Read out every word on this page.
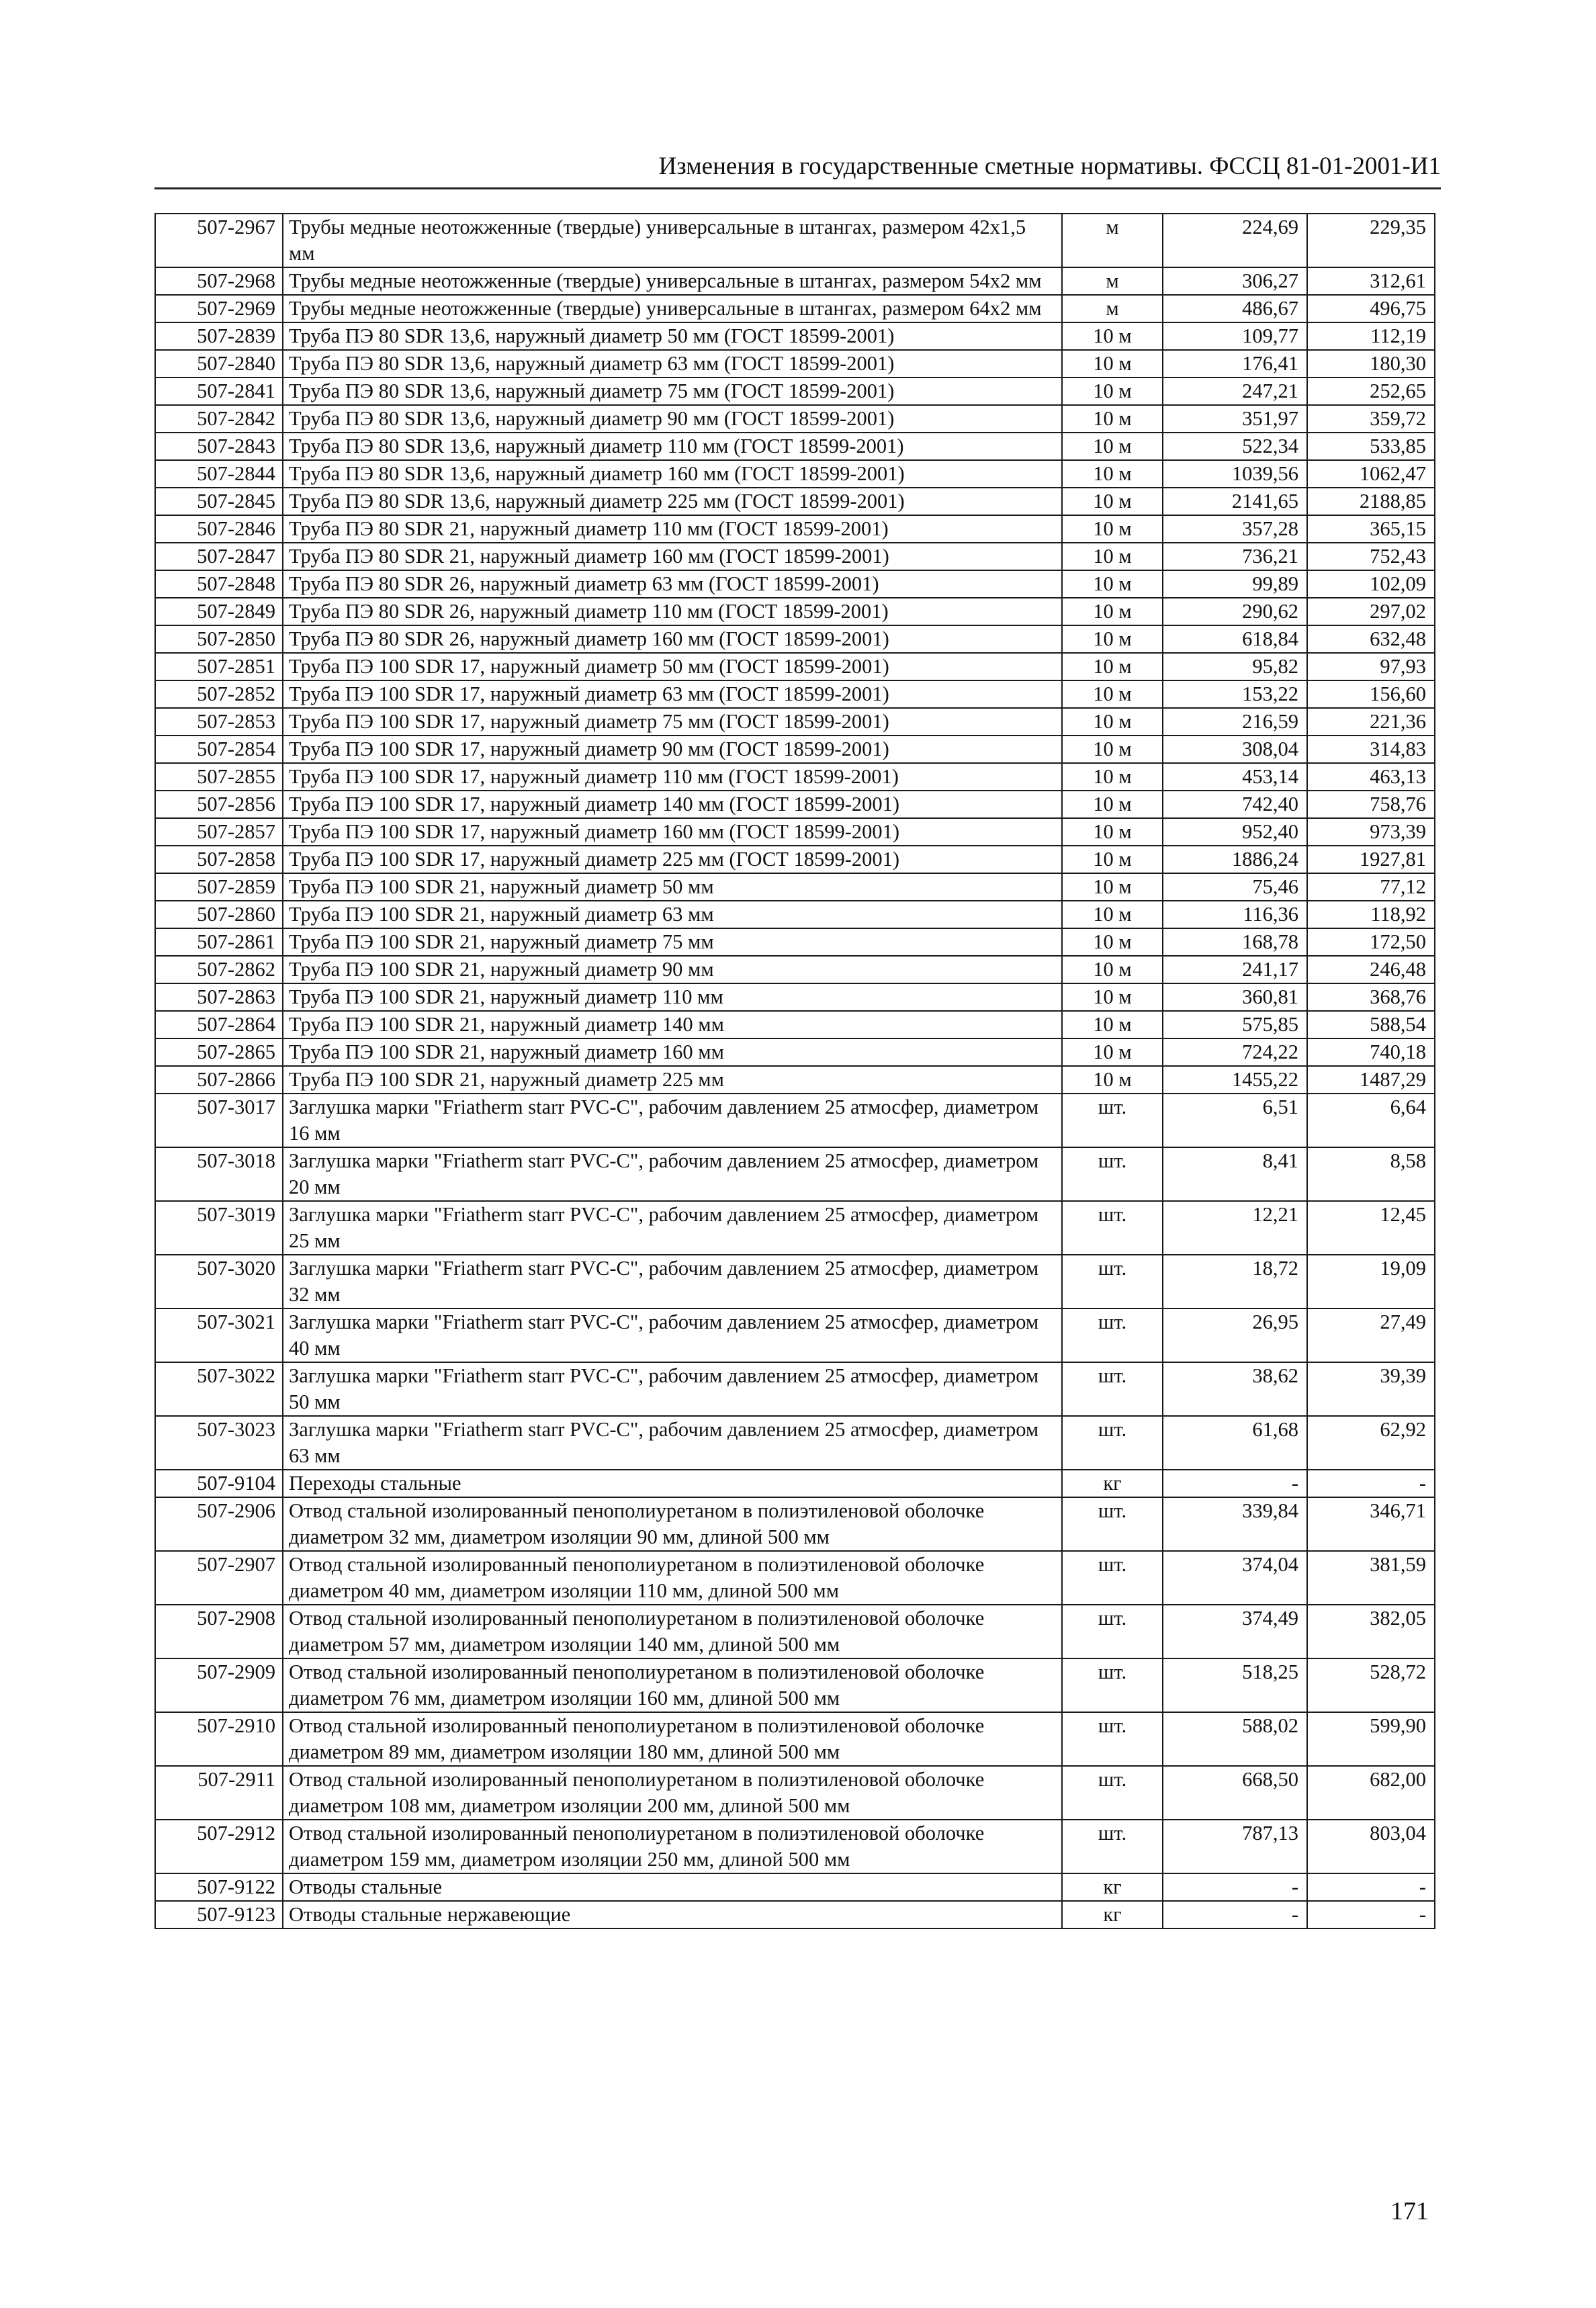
Изменения в государственные сметные нормативы. ФССЦ 81-01-2001-И1
507-2967	Трубы медные неотожженные (твердые) универсальные в штангах, размером 42х1,5 мм	м	224,69	229,35
507-2968	Трубы медные неотожженные (твердые) универсальные в штангах, размером 54х2 мм	м	306,27	312,61
507-2969	Трубы медные неотожженные (твердые) универсальные в штангах, размером 64х2 мм	м	486,67	496,75
507-2839	Труба ПЭ 80 SDR 13,6, наружный диаметр 50 мм (ГОСТ 18599-2001)	10 м	109,77	112,19
507-2840	Труба ПЭ 80 SDR 13,6, наружный диаметр 63 мм (ГОСТ 18599-2001)	10 м	176,41	180,30
507-2841	Труба ПЭ 80 SDR 13,6, наружный диаметр 75 мм (ГОСТ 18599-2001)	10 м	247,21	252,65
507-2842	Труба ПЭ 80 SDR 13,6, наружный диаметр 90 мм (ГОСТ 18599-2001)	10 м	351,97	359,72
507-2843	Труба ПЭ 80 SDR 13,6, наружный диаметр 110 мм (ГОСТ 18599-2001)	10 м	522,34	533,85
507-2844	Труба ПЭ 80 SDR 13,6, наружный диаметр 160 мм (ГОСТ 18599-2001)	10 м	1039,56	1062,47
507-2845	Труба ПЭ 80 SDR 13,6, наружный диаметр 225 мм (ГОСТ 18599-2001)	10 м	2141,65	2188,85
507-2846	Труба ПЭ 80 SDR 21, наружный диаметр 110 мм (ГОСТ 18599-2001)	10 м	357,28	365,15
507-2847	Труба ПЭ 80 SDR 21, наружный диаметр 160 мм (ГОСТ 18599-2001)	10 м	736,21	752,43
507-2848	Труба ПЭ 80 SDR 26, наружный диаметр 63 мм (ГОСТ 18599-2001)	10 м	99,89	102,09
507-2849	Труба ПЭ 80 SDR 26, наружный диаметр 110 мм (ГОСТ 18599-2001)	10 м	290,62	297,02
507-2850	Труба ПЭ 80 SDR 26, наружный диаметр 160 мм (ГОСТ 18599-2001)	10 м	618,84	632,48
507-2851	Труба ПЭ 100 SDR 17, наружный диаметр 50 мм (ГОСТ 18599-2001)	10 м	95,82	97,93
507-2852	Труба ПЭ 100 SDR 17, наружный диаметр 63 мм (ГОСТ 18599-2001)	10 м	153,22	156,60
507-2853	Труба ПЭ 100 SDR 17, наружный диаметр 75 мм (ГОСТ 18599-2001)	10 м	216,59	221,36
507-2854	Труба ПЭ 100 SDR 17, наружный диаметр 90 мм (ГОСТ 18599-2001)	10 м	308,04	314,83
507-2855	Труба ПЭ 100 SDR 17, наружный диаметр 110 мм (ГОСТ 18599-2001)	10 м	453,14	463,13
507-2856	Труба ПЭ 100 SDR 17, наружный диаметр 140 мм (ГОСТ 18599-2001)	10 м	742,40	758,76
507-2857	Труба ПЭ 100 SDR 17, наружный диаметр 160 мм (ГОСТ 18599-2001)	10 м	952,40	973,39
507-2858	Труба ПЭ 100 SDR 17, наружный диаметр 225 мм (ГОСТ 18599-2001)	10 м	1886,24	1927,81
507-2859	Труба ПЭ 100 SDR 21, наружный диаметр 50 мм	10 м	75,46	77,12
507-2860	Труба ПЭ 100 SDR 21, наружный диаметр 63 мм	10 м	116,36	118,92
507-2861	Труба ПЭ 100 SDR 21, наружный диаметр 75 мм	10 м	168,78	172,50
507-2862	Труба ПЭ 100 SDR 21, наружный диаметр 90 мм	10 м	241,17	246,48
507-2863	Труба ПЭ 100 SDR 21, наружный диаметр 110 мм	10 м	360,81	368,76
507-2864	Труба ПЭ 100 SDR 21, наружный диаметр 140 мм	10 м	575,85	588,54
507-2865	Труба ПЭ 100 SDR 21, наружный диаметр 160 мм	10 м	724,22	740,18
507-2866	Труба ПЭ 100 SDR 21, наружный диаметр 225 мм	10 м	1455,22	1487,29
507-3017	Заглушка марки "Friatherm starr PVC-C", рабочим давлением 25 атмосфер, диаметром 16 мм	шт.	6,51	6,64
507-3018	Заглушка марки "Friatherm starr PVC-C", рабочим давлением 25 атмосфер, диаметром 20 мм	шт.	8,41	8,58
507-3019	Заглушка марки "Friatherm starr PVC-C", рабочим давлением 25 атмосфер, диаметром 25 мм	шт.	12,21	12,45
507-3020	Заглушка марки "Friatherm starr PVC-C", рабочим давлением 25 атмосфер, диаметром 32 мм	шт.	18,72	19,09
507-3021	Заглушка марки "Friatherm starr PVC-C", рабочим давлением 25 атмосфер, диаметром 40 мм	шт.	26,95	27,49
507-3022	Заглушка марки "Friatherm starr PVC-C", рабочим давлением 25 атмосфер, диаметром 50 мм	шт.	38,62	39,39
507-3023	Заглушка марки "Friatherm starr PVC-C", рабочим давлением 25 атмосфер, диаметром 63 мм	шт.	61,68	62,92
507-9104	Переходы стальные	кг	-	-
507-2906	Отвод стальной изолированный пенополиуретаном в полиэтиленовой оболочке диаметром 32 мм, диаметром изоляции 90 мм, длиной 500 мм	шт.	339,84	346,71
507-2907	Отвод стальной изолированный пенополиуретаном в полиэтиленовой оболочке диаметром 40 мм, диаметром изоляции 110 мм, длиной 500 мм	шт.	374,04	381,59
507-2908	Отвод стальной изолированный пенополиуретаном в полиэтиленовой оболочке диаметром 57 мм, диаметром изоляции 140 мм, длиной 500 мм	шт.	374,49	382,05
507-2909	Отвод стальной изолированный пенополиуретаном в полиэтиленовой оболочке диаметром 76 мм, диаметром изоляции 160 мм, длиной 500 мм	шт.	518,25	528,72
507-2910	Отвод стальной изолированный пенополиуретаном в полиэтиленовой оболочке диаметром 89 мм, диаметром изоляции 180 мм, длиной 500 мм	шт.	588,02	599,90
507-2911	Отвод стальной изолированный пенополиуретаном в полиэтиленовой оболочке диаметром 108 мм, диаметром изоляции 200 мм, длиной 500 мм	шт.	668,50	682,00
507-2912	Отвод стальной изолированный пенополиуретаном в полиэтиленовой оболочке диаметром 159 мм, диаметром изоляции 250 мм, длиной 500 мм	шт.	787,13	803,04
507-9122	Отводы стальные	кг	-	-
507-9123	Отводы стальные нержавеющие	кг	-	-
171
